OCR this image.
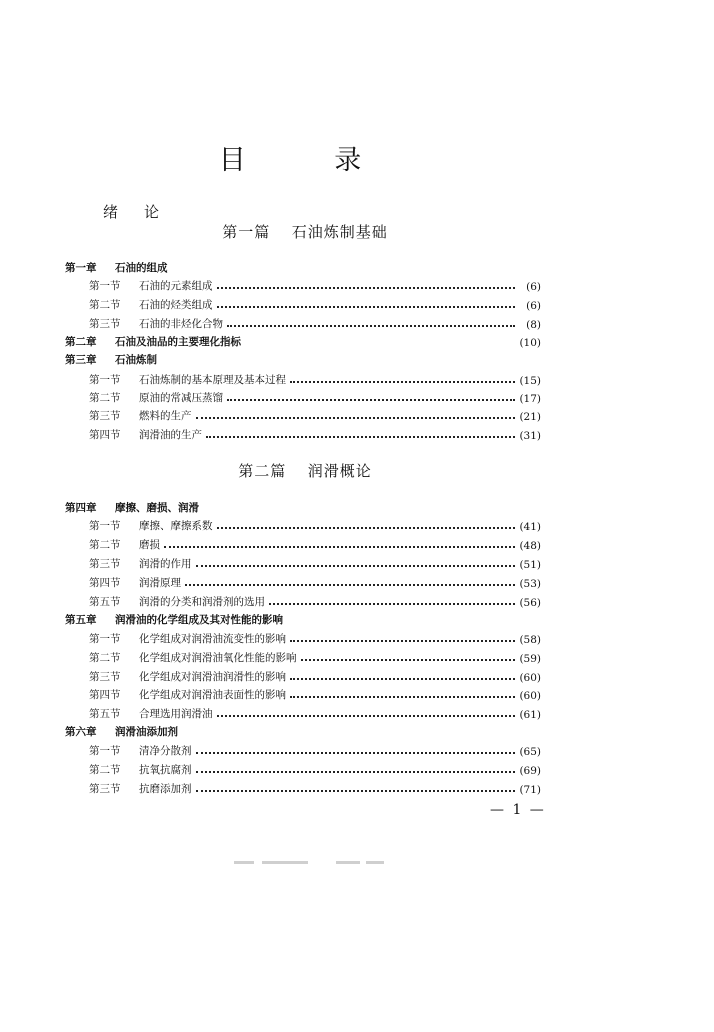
目 录
绪论
第一篇 石油炼制基础
第一章	石油的组成
第一节	石油的元素组成	(6)
第二节	石油的烃类组成	(6)
第三节	石油的非烃化合物	(8)
第二章	石油及油品的主要理化指标	(10)
第三章	石油炼制
第一节	石油炼制的基本原理及基本过程	(15)
第二节	原油的常减压蒸馏	(17)
第三节	燃料的生产	(21)
第四节	润滑油的生产	(31)
第二篇 润滑概论
第四章	摩擦、磨损、润滑
第一节	摩擦、摩擦系数	(41)
第二节	磨损	(48)
第三节	润滑的作用	(51)
第四节	润滑原理	(53)
第五节	润滑的分类和润滑剂的选用	(56)
第五章	润滑油的化学组成及其对性能的影响
第一节	化学组成对润滑油流变性的影响	(58)
第二节	化学组成对润滑油氧化性能的影响	(59)
第三节	化学组成对润滑油润滑性的影响	(60)
第四节	化学组成对润滑油表面性的影响	(60)
第五节	合理选用润滑油	(61)
第六章	润滑油添加剂
第一节	清净分散剂	(65)
第二节	抗氧抗腐剂	(69)
第三节	抗磨添加剂	(71)
— 1 —
